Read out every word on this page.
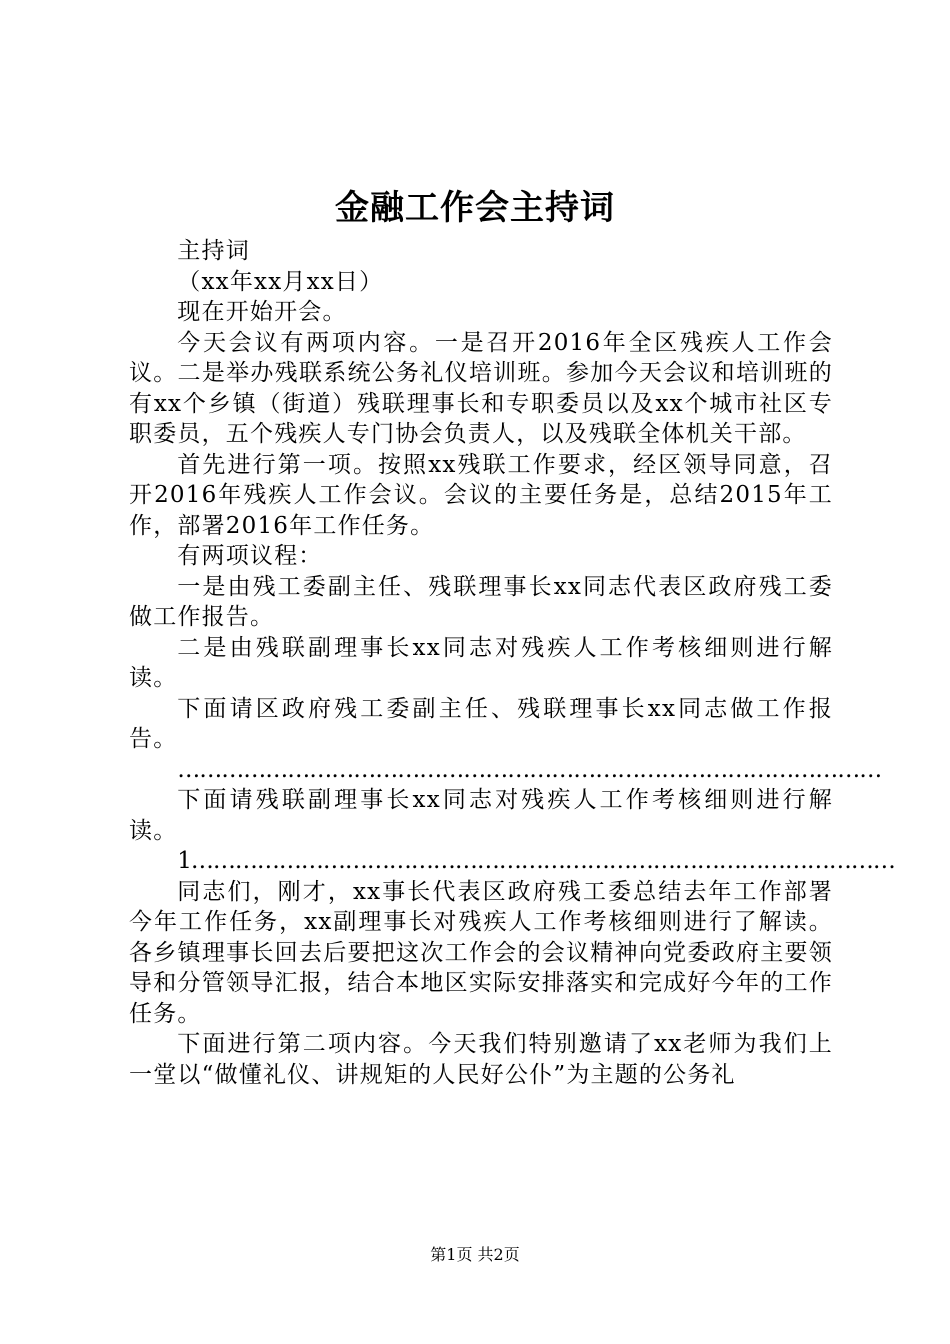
金融工作会主持词

主持词

（xx年xx月xx日）

现在开始开会。

今天会议有两项内容。一是召开2016年全区残疾人工作会议。二是举办残联系统公务礼仪培训班。参加今天会议和培训班的有xx个乡镇（街道）残联理事长和专职委员以及xx个城市社区专职委员，五个残疾人专门协会负责人，以及残联全体机关干部。

首先进行第一项。按照xx残联工作要求，经区领导同意，召开2016年残疾人工作会议。会议的主要任务是，总结2015年工作，部署2016年工作任务。

有两项议程：

一是由残工委副主任、残联理事长xx同志代表区政府残工委做工作报告。

二是由残联副理事长xx同志对残疾人工作考核细则进行解读。

下面请区政府残工委副主任、残联理事长xx同志做工作报告。

……………………………………………………………………………………

下面请残联副理事长xx同志对残疾人工作考核细则进行解读。

1……………………………………………………………………………………

同志们，刚才，xx事长代表区政府残工委总结去年工作部署今年工作任务，xx副理事长对残疾人工作考核细则进行了解读。各乡镇理事长回去后要把这次工作会的会议精神向党委政府主要领导和分管领导汇报，结合本地区实际安排落实和完成好今年的工作任务。

下面进行第二项内容。今天我们特别邀请了xx老师为我们上一堂以“做懂礼仪、讲规矩的人民好公仆”为主题的公务礼

第1页 共2页
